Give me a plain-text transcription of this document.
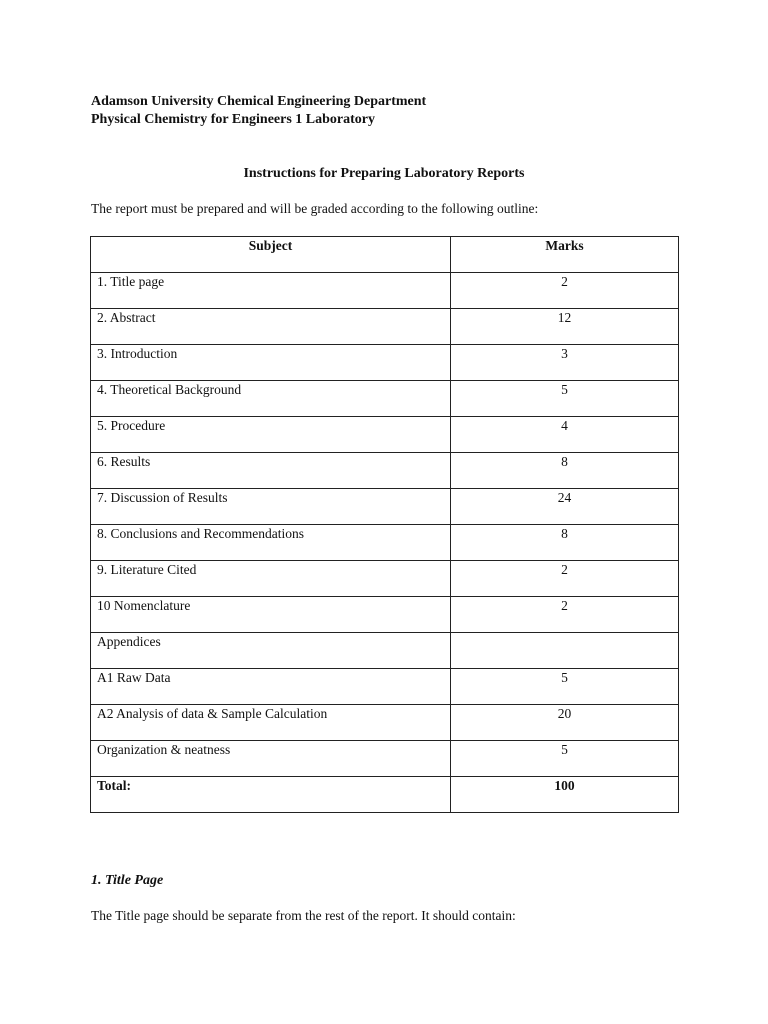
Adamson University Chemical Engineering Department
Physical Chemistry for Engineers 1 Laboratory
Instructions for Preparing Laboratory Reports
The report must be prepared and will be graded according to the following outline:
Subject	Marks

1. Title page	2

2. Abstract	12

3. Introduction	3

4. Theoretical Background	5

5. Procedure	4

6. Results	8

7. Discussion of Results	24

8. Conclusions and Recommendations	8

9. Literature Cited	2

10 Nomenclature	2

Appendices	

A1 Raw Data	5

A2 Analysis of data & Sample Calculation	20

Organization & neatness	5

Total:	100
1. Title Page
The Title page should be separate from the rest of the report. It should contain:
